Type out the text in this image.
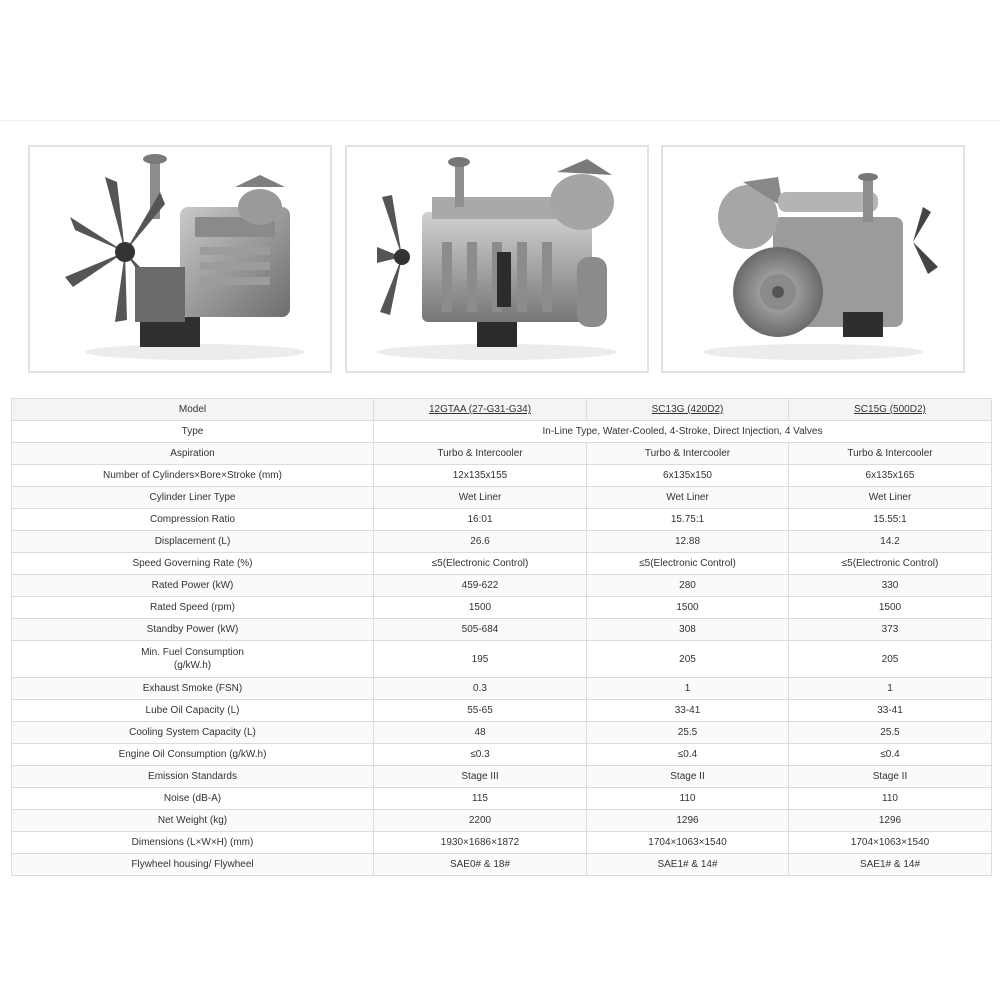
Model	12GTAA (27-G31-G34)	SC13G (420D2)	SC15G (500D2)
Type	In-Line Type, Water-Cooled, 4-Stroke, Direct Injection, 4 Valves		
Aspiration	Turbo & Intercooler	Turbo & Intercooler	Turbo & Intercooler
Number of Cylinders×Bore×Stroke (mm)	12x135x155	6x135x150	6x135x165
Cylinder Liner Type	Wet Liner	Wet Liner	Wet Liner
Compression Ratio	16:01	15.75:1	15.55:1
Displacement (L)	26.6	12.88	14.2
Speed Governing Rate (%)	≤5(Electronic Control)	≤5(Electronic Control)	≤5(Electronic Control)
Rated Power (kW)	459-622	280	330
Rated Speed (rpm)	1500	1500	1500
Standby Power (kW)	505-684	308	373
Min. Fuel Consumption
(g/kW.h)	195	205	205
Exhaust Smoke (FSN)	0.3	1	1
Lube Oil Capacity (L)	55-65	33-41	33-41
Cooling System Capacity (L)	48	25.5	25.5
Engine Oil Consumption (g/kW.h)	≤0.3	≤0.4	≤0.4
Emission Standards	Stage III	Stage II	Stage II
Noise (dB-A)	115	110	110
Net Weight (kg)	2200	1296	1296
Dimensions (L×W×H) (mm)	1930×1686×1872	1704×1063×1540	1704×1063×1540
Flywheel housing/ Flywheel	SAE0# & 18#	SAE1# & 14#	SAE1# & 14#
